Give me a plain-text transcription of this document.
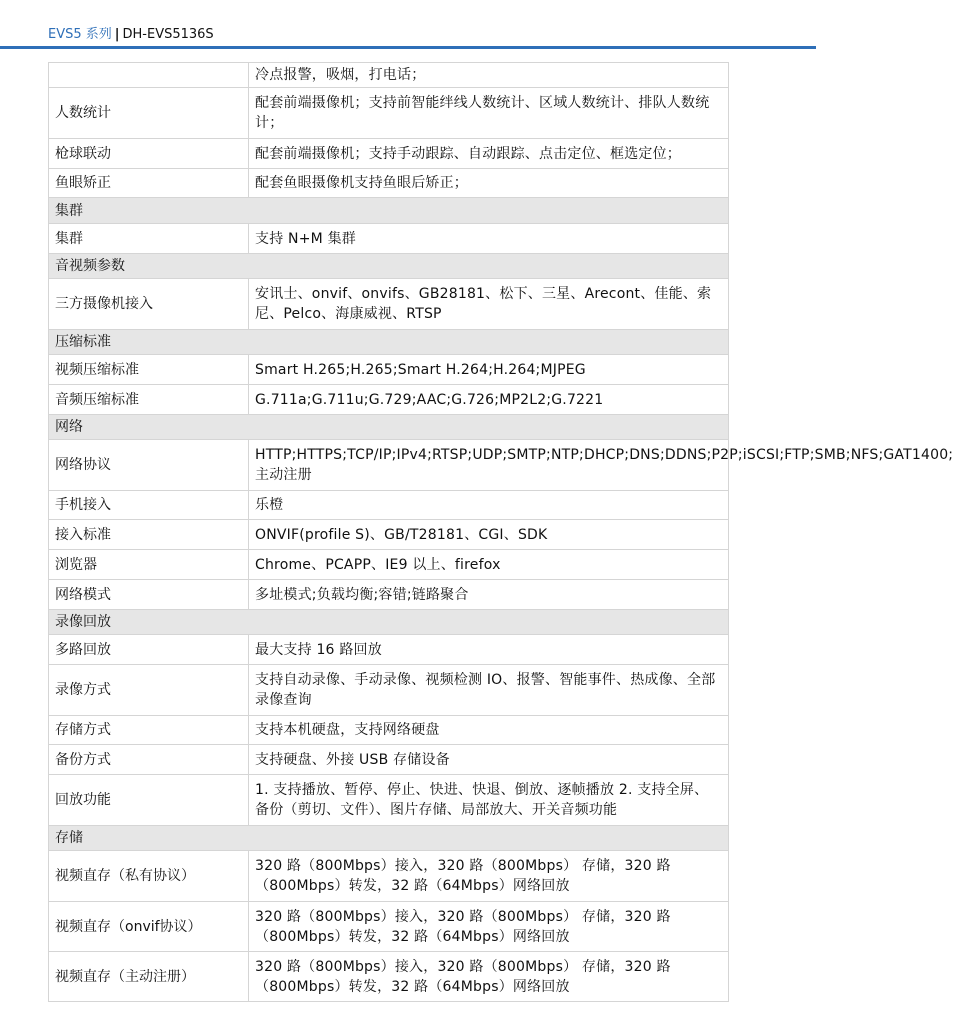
EVS5 系列 | DH-EVS5136S
	冷点报警，吸烟，打电话；
人数统计	配套前端摄像机；支持前智能绊线人数统计、区域人数统计、排队人数统计；
枪球联动	配套前端摄像机；支持手动跟踪、自动跟踪、点击定位、框选定位；
鱼眼矫正	配套鱼眼摄像机支持鱼眼后矫正；
集群	
集群	支持 N+M 集群
音视频参数	
三方摄像机接入	安讯士、onvif、onvifs、GB28181、松下、三星、Arecont、佳能、索尼、Pelco、海康威视、RTSP
压缩标准	
视频压缩标准	Smart H.265;H.265;Smart H.264;H.264;MJPEG
音频压缩标准	G.711a;G.711u;G.729;AAC;G.726;MP2L2;G.7221
网络	
网络协议	HTTP;HTTPS;TCP/IP;IPv4;RTSP;UDP;SMTP;NTP;DHCP;DNS;DDNS;P2P;iSCSI;FTP;SMB;NFS;GAT1400;主动注册
手机接入	乐橙
接入标准	ONVIF(profile S)、GB/T28181、CGI、SDK
浏览器	Chrome、PCAPP、IE9 以上、firefox
网络模式	多址模式;负载均衡;容错;链路聚合
录像回放	
多路回放	最大支持 16 路回放
录像方式	支持自动录像、手动录像、视频检测 IO、报警、智能事件、热成像、全部录像查询
存储方式	支持本机硬盘，支持网络硬盘
备份方式	支持硬盘、外接 USB 存储设备
回放功能	1. 支持播放、暂停、停止、快进、快退、倒放、逐帧播放 2. 支持全屏、备份（剪切、文件）、图片存储、局部放大、开关音频功能
存储	
视频直存（私有协议）	320 路（800Mbps）接入，320 路（800Mbps） 存储，320 路（800Mbps）转发，32 路（64Mbps）网络回放
视频直存（onvif协议）	320 路（800Mbps）接入，320 路（800Mbps） 存储，320 路（800Mbps）转发，32 路（64Mbps）网络回放
视频直存（主动注册）	320 路（800Mbps）接入，320 路（800Mbps） 存储，320 路（800Mbps）转发，32 路（64Mbps）网络回放
